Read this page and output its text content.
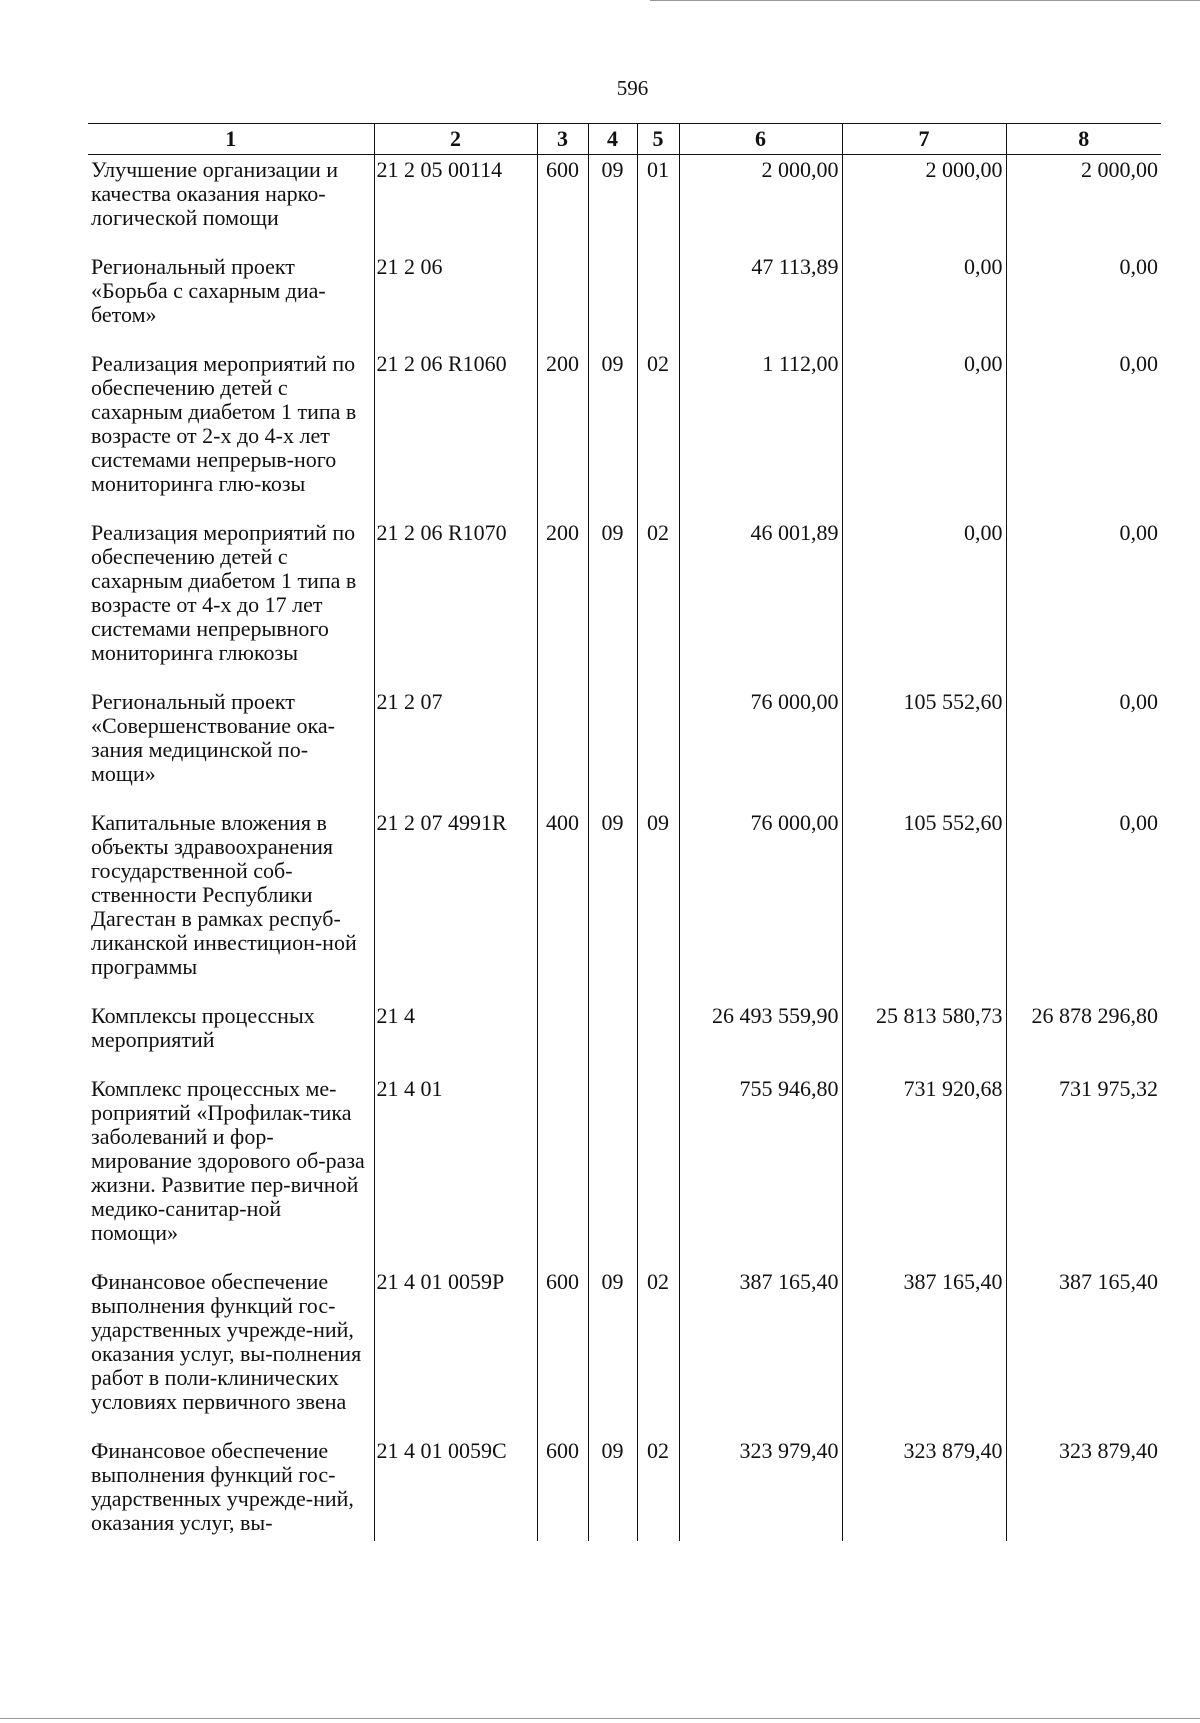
596
1	2	3	4	5	6	7	8
Улучшение организации и качества оказания нарко-логической помощи	21 2 05 00114	600	09	01	2 000,00	2 000,00	2 000,00
Региональный проект «Борьба с сахарным диа-бетом»	21 2 06				47 113,89	0,00	0,00
Реализация мероприятий по обеспечению детей с сахарным диабетом 1 типа в возрасте от 2-х до 4-х лет системами непрерыв-ного мониторинга глю-козы	21 2 06 R1060	200	09	02	1 112,00	0,00	0,00
Реализация мероприятий по обеспечению детей с сахарным диабетом 1 типа в возрасте от 4-х до 17 лет системами непрерывного мониторинга глюкозы	21 2 06 R1070	200	09	02	46 001,89	0,00	0,00
Региональный проект «Совершенствование ока-зания медицинской по-мощи»	21 2 07				76 000,00	105 552,60	0,00
Капитальные вложения в объекты здравоохранения государственной соб-ственности Республики Дагестан в рамках респуб-ликанской инвестицион-ной программы	21 2 07 4991R	400	09	09	76 000,00	105 552,60	0,00
Комплексы процессных мероприятий	21 4				26 493 559,90	25 813 580,73	26 878 296,80
Комплекс процессных ме-роприятий «Профилак-тика заболеваний и фор-мирование здорового об-раза жизни. Развитие пер-вичной медико-санитар-ной помощи»	21 4 01				755 946,80	731 920,68	731 975,32
Финансовое обеспечение выполнения функций гос-ударственных учрежде-ний, оказания услуг, вы-полнения работ в поли-клинических условиях первичного звена	21 4 01 0059P	600	09	02	387 165,40	387 165,40	387 165,40
Финансовое обеспечение выполнения функций гос-ударственных учрежде-ний, оказания услуг, вы-	21 4 01 0059C	600	09	02	323 979,40	323 879,40	323 879,40
